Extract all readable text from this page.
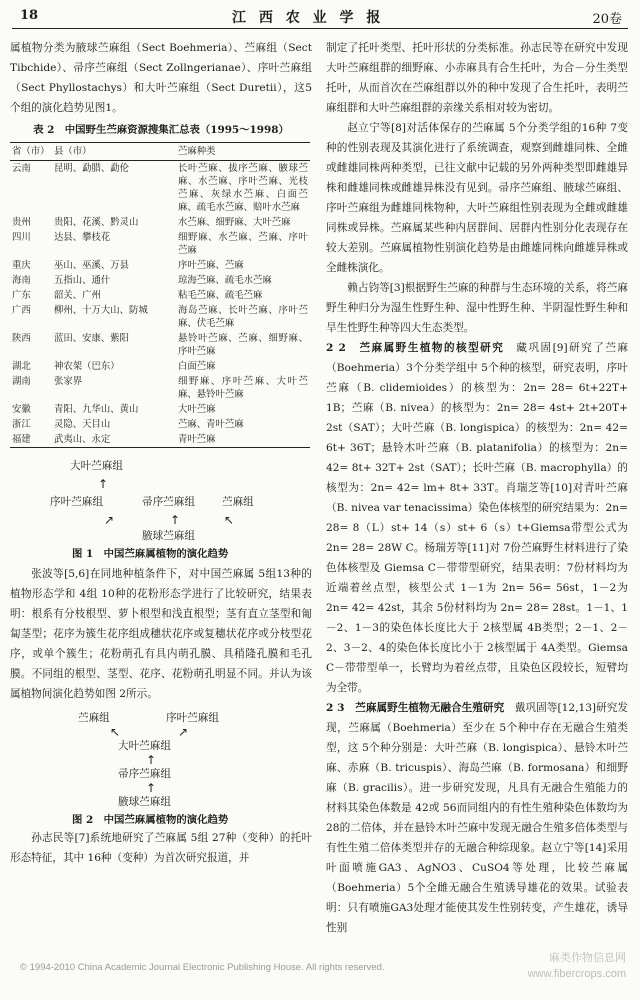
18	江 西 农 业 学 报	20卷

属植物分类为腋球苎麻组（Sect Boehmeria）、苎麻组（Sect Tibchide）、帚序苎麻组（Sect Zollngerianae）、序叶苎麻组（Sect Phyllostachys）和大叶苎麻组（Sect Duretii），这5个组的演化趋势见图1。

表 2　中国野生苎麻资源搜集汇总表（1995～1998）

省（市）	县（市）	苎麻种类
云南	昆明、勐腊、勐伦	长叶苎麻、拔序苎麻、腋球苎麻、水苎麻、序叶苎麻、光枝苎麻、灰绿水苎麻、白面苎麻、疏毛水苎麻、赔叶水苎麻
贵州	贵阳、花溪、黔灵山	水苎麻、细野麻、大叶苎麻
四川	达县、攀枝花	细野麻、水苎麻、苎麻、序叶苎麻
重庆	巫山、巫溪、万县	序叶苎麻、苎麻
海南	五指山、通什	琼海苎麻、疏毛水苎麻
广东	韶关、广州	粘毛苎麻、疏毛苎麻
广西	柳州、十万大山、防城	海岛苎麻、长叶苎麻、序叶苎麻、伏毛苎麻
陕西	蓝田、安康、紫阳	悬铃叶苎麻、苎麻、细野麻、序叶苎麻
湖北	神农架（巴东）	白面苎麻
湖南	张家界	细野麻、序叶苎麻、大叶苎麻、悬铃叶苎麻
安徽	青阳、九华山、黄山	大叶苎麻
浙江	灵隐、天目山	苎麻、青叶苎麻
福建	武夷山、永定	青叶苎麻
大叶苎麻组
↑
序叶苎麻组	帚序苎麻组	苎麻组
↗	↑	↖
腋球苎麻组
图 1　中国苎麻属植物的演化趋势

张波等[5,6]在同地种植条件下，对中国苎麻属 5组13种的植物形态学和 4组 10种的花粉形态学进行了比较研究，结果表明：根系有分枝根型、萝卜根型和浅直根型；茎有直立茎型和匍匐茎型；花序为簇生花序组成穗状花序或复穗状花序或分枝型花序，或单个簇生；花粉萌孔有具内萌孔膜、具稍隆孔膜和毛孔膜。不同组的根型、茎型、花序、花粉萌孔明显不同。并认为该属植物间演化趋势如图 2所示。

苎麻组	序叶苎麻组
↖	↗
大叶苎麻组
↑
帚序苎麻组
↑
腋球苎麻组
图 2　中国苎麻属植物的演化趋势

孙志民等[7]系统地研究了苎麻属 5组 27种（变种）的托叶形态特征，其中 16种（变种）为首次研究报道，并

制定了托叶类型、托叶形状的分类标准。孙志民等在研究中发现大叶苎麻组群的细野麻、小赤麻具有合生托叶，为合－分生类型托叶，从而首次在苎麻组群以外的种中发现了合生托叶，表明苎麻组群和大叶苎麻组群的亲缘关系相对较为密切。

赵立宁等[8]对活体保存的苎麻属 5个分类学组的16种 7变种的性别表现及其演化进行了系统调查，观察到雌雄同株、全雌或雌雄同株两种类型，已往文献中记载的另外两种类型即雌雄异株和雌雄同株或雌雄异株没有见到。帚序苎麻组、腋球苎麻组、序叶苎麻组为雌雄同株物种，大叶苎麻组性别表现为全雌或雌雄同株或异株。苎麻属某些种内居群间、居群内性别分化表现存在较大差别。苎麻属植物性别演化趋势是由雌雄同株向雌雄异株或全雌株演化。

赖占钧等[3]根据野生苎麻的种群与生态环境的关系，将苎麻野生种归分为湿生性野生种、湿中性野生种、半阴湿性野生种和旱生性野生种等四大生态类型。

2 2　苎麻属野生植物的核型研究　 藏巩固[9]研究了苎麻（Boehmeria）3个分类学组中 5个种的核型，研究表明，序叶苎麻（B. clidemioides）的核型为：2n= 28= 6t+22T+ 1B；苎麻（B. nivea）的核型为：2n= 28= 4st+ 2t+20T+ 2st（SAT）；大叶苎麻（B. longispica）的核型为：2n= 42= 6t+ 36T；悬铃木叶苎麻（B. platanifolia）的核型为：2n= 42= 8t+ 32T+ 2st（SAT）；长叶苎麻（B. macrophylla）的核型为：2n= 42= lm+ 8t+ 33T。肖瑞芝等[10]对青叶苎麻（B. nivea var tenacissima）染色体核型的研究结果为：2n= 28= 8（L）st+ 14（s）st+ 6（s）t+Giemsa带型公式为 2n= 28= 28W C。杨瑞芳等[11]对 7份苎麻野生材料进行了染色体核型及 Giemsa C－带带型研究，结果表明：7份材料均为近端着丝点型，核型公式 1－1为 2n= 56= 56st，1－2为 2n= 42= 42st，其余 5份材料均为 2n= 28= 28st。1－1、1－2、1－3的染色体长度比大于 2核型属 4B类型；2－1、2－2、3－2、4的染色体长度比小于 2核型属于 4A类型。Giemsa C－带带型单一，长臂均为着丝点带，且染色区段较长，短臂均为全带。

2 3　苎麻属野生植物无融合生殖研究　 戴巩固等[12,13]研究发现，苎麻属（Boehmeria）至少在 5个种中存在无融合生殖类型，这 5个种分别是：大叶苎麻（B. longispica）、悬铃木叶苎麻、赤麻（B. tricuspis）、海岛苎麻（B. formosana）和细野麻（B. gracilis）。进一步研究发现，凡具有无融合生殖能力的材料其染色体数是 42或 56而同组内的有性生殖种染色体数均为 28的二倍体，并在悬铃木叶苎麻中发现无融合生殖多倍体类型与有性生殖二倍体类型并存的无融合种综现象。赵立宁等[14]采用叶面喷施GA3、AgNO3、CuSO4等处理，比较苎麻属（Boehmeria）5个全雌无融合生殖诱导雄花的效果。试验表明：只有喷施GA3处理才能使其发生性别转变，产生雄花，诱导性别

麻类作物信息网
www.fibercrops.com
© 1994-2010 China Academic Journal Electronic Publishing House. All rights reserved.
